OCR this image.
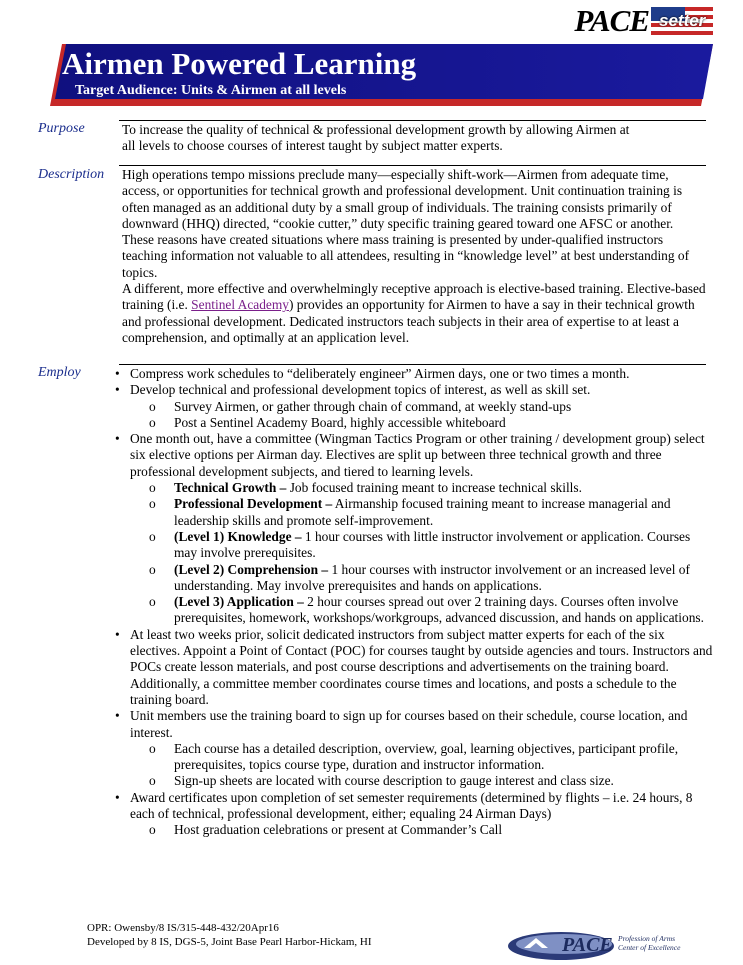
PACE setter
Airmen Powered Learning
Target Audience: Units & Airmen at all levels
Purpose	To increase the quality of technical & professional development growth by allowing Airmen at all levels to choose courses of interest taught by subject matter experts.
Description High operations tempo missions preclude many—especially shift-work—Airmen from adequate time, access, or opportunities for technical growth and professional development. Unit continuation training is often managed as an additional duty by a small group of individuals. The training consists primarily of downward (HHQ) directed, “cookie cutter,” duty specific training geared toward one AFSC or another. These reasons have created situations where mass training is presented by under-qualified instructors teaching information not valuable to all attendees, resulting in “knowledge level” at best understanding of topics.

A different, more effective and overwhelmingly receptive approach is elective-based training. Elective-based training (i.e. Sentinel Academy) provides an opportunity for Airmen to have a say in their technical growth and professional development. Dedicated instructors teach subjects in their area of expertise to at least a comprehension, and optimally at an application level.

Employ	• Compress work schedules to “deliberately engineer” Airmen days, one or two times a month.
• Develop technical and professional development topics of interest, as well as skill set.
o Survey Airmen, or gather through chain of command, at weekly stand-ups
o Post a Sentinel Academy Board, highly accessible whiteboard
• One month out, have a committee (Wingman Tactics Program or other training / development group) select six elective options per Airman day. Electives are split up between three technical growth and three professional development subjects, and tiered to learning levels.
o Technical Growth – Job focused training meant to increase technical skills.
o Professional Development – Airmanship focused training meant to increase managerial and leadership skills and promote self-improvement.
o (Level 1) Knowledge – 1 hour courses with little instructor involvement or application. Courses may involve prerequisites.
o (Level 2) Comprehension – 1 hour courses with instructor involvement or an increased level of understanding. May involve prerequisites and hands on applications.
o (Level 3) Application – 2 hour courses spread out over 2 training days. Courses often involve prerequisites, homework, workshops/workgroups, advanced discussion, and hands on applications.
• At least two weeks prior, solicit dedicated instructors from subject matter experts for each of the six electives. Appoint a Point of Contact (POC) for courses taught by outside agencies and tours. Instructors and POCs create lesson materials, and post course descriptions and advertisements on the training board. Additionally, a committee member coordinates course times and locations, and posts a schedule to the training board.
• Unit members use the training board to sign up for courses based on their schedule, course location, and interest.
o Each course has a detailed description, overview, goal, learning objectives, participant profile, prerequisites, topics course type, duration and instructor information.
o Sign-up sheets are located with course description to gauge interest and class size.
• Award certificates upon completion of set semester requirements (determined by flights – i.e. 24 hours, 8 each of technical, professional development, either; equaling 24 Airman Days)
o Host graduation celebrations or present at Commander’s Call
OPR: Owensby/8 IS/315-448-432/20Apr16
Developed by 8 IS, DGS-5, Joint Base Pearl Harbor-Hickam, HI	PACE Profession of Arms
Center of Excellence
